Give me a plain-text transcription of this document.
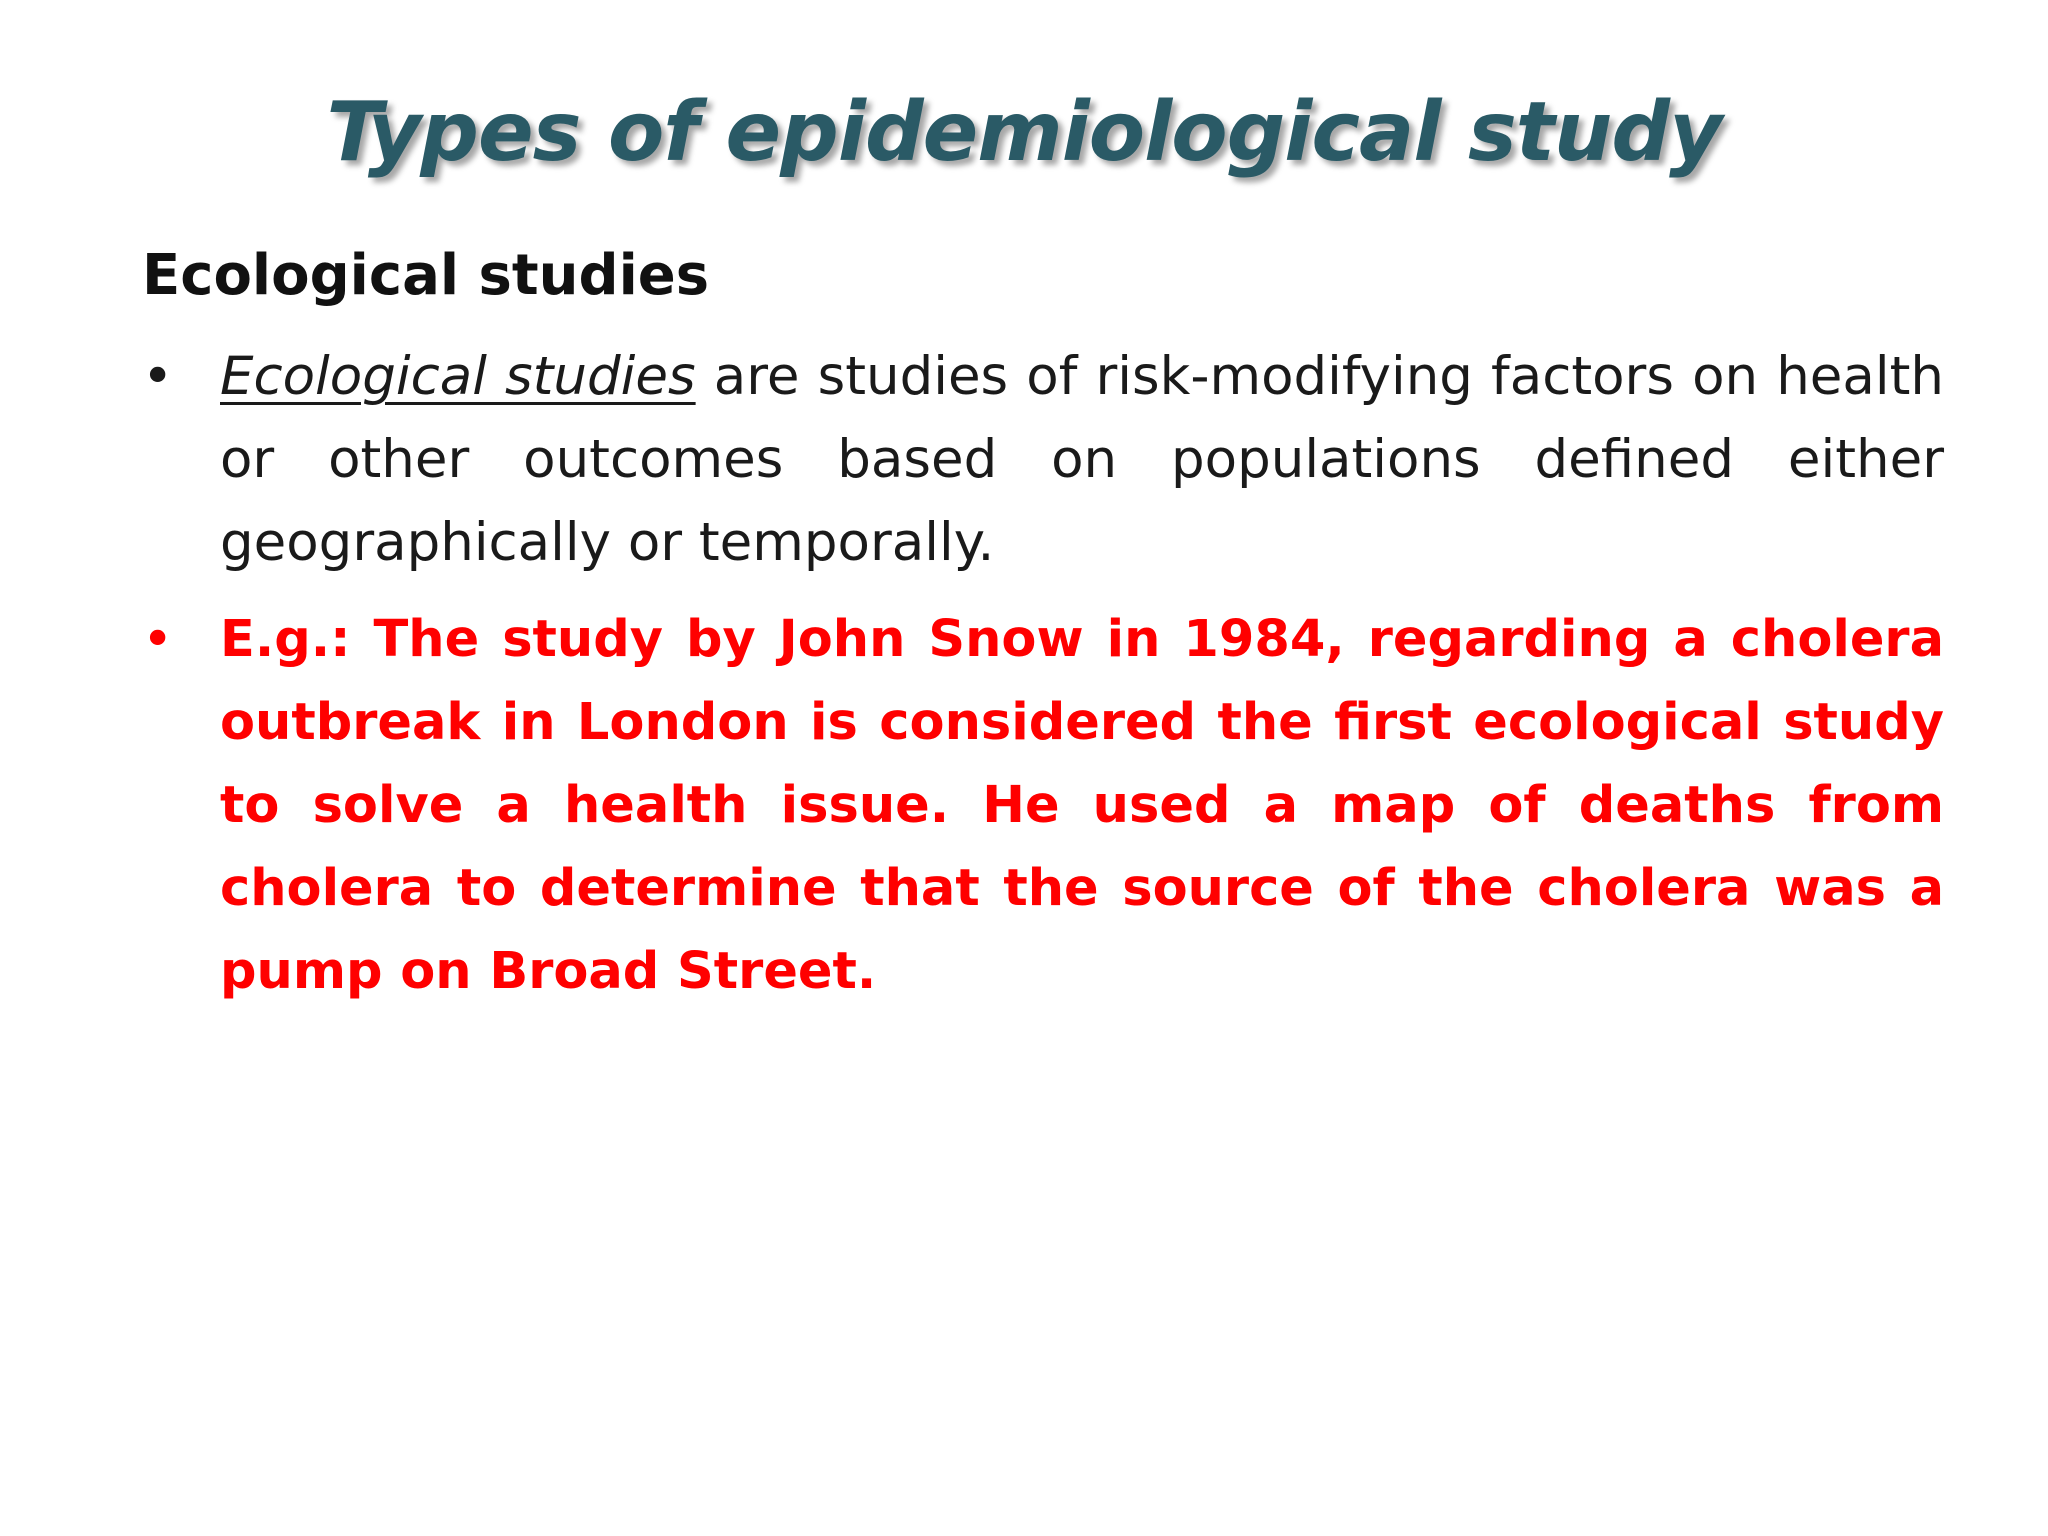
Types of epidemiological study
Ecological studies
• Ecological studies are studies of risk-modifying factors on health or other outcomes based on populations defined either geographically or temporally.
• E.g.: The study by John Snow in 1984, regarding a cholera outbreak in London is considered the first ecological study to solve a health issue. He used a map of deaths from cholera to determine that the source of the cholera was a pump on Broad Street.
